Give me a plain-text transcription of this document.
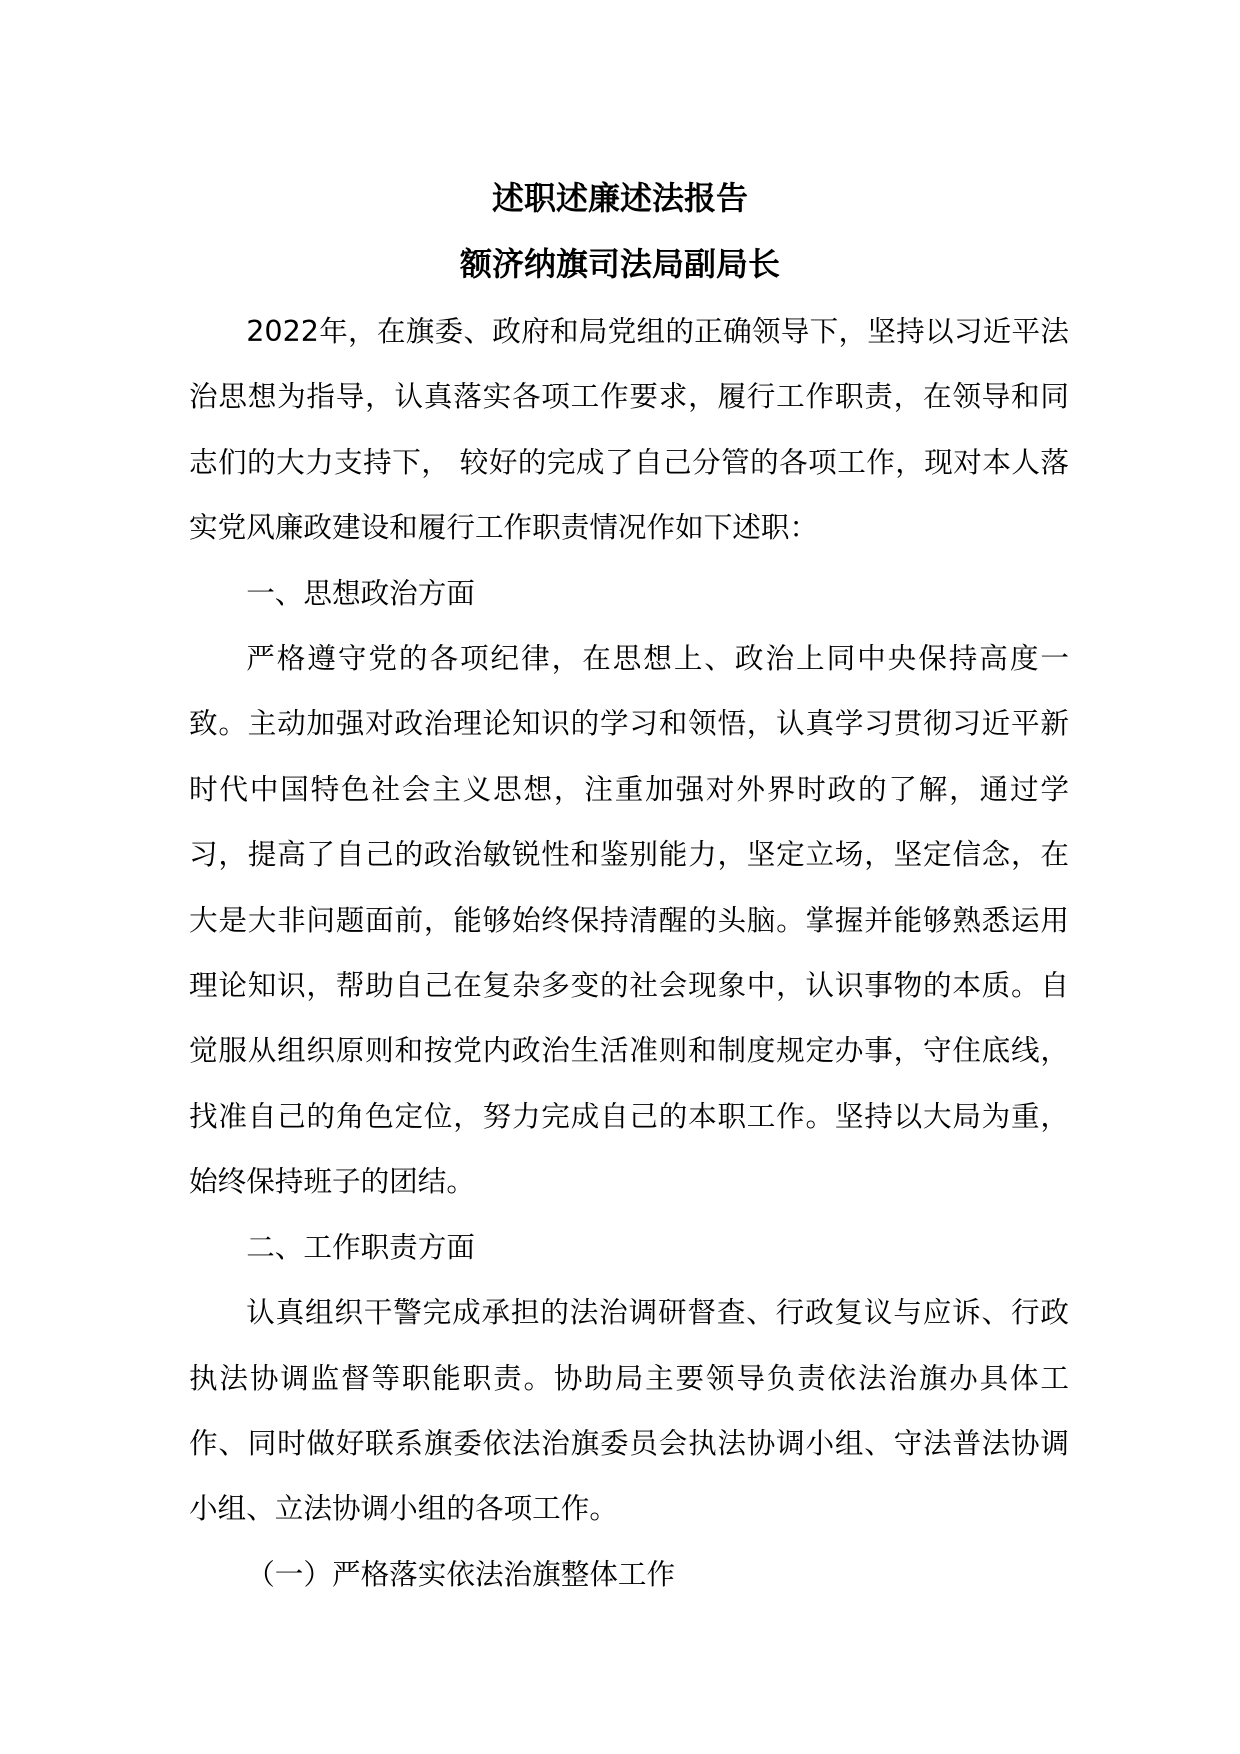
述职述廉述法报告
额济纳旗司法局副局长

2022年，在旗委、政府和局党组的正确领导下，坚持以习近平法治思想为指导，认真落实各项工作要求，履行工作职责，在领导和同志们的大力支持下， 较好的完成了自己分管的各项工作，现对本人落实党风廉政建设和履行工作职责情况作如下述职：

一、思想政治方面

严格遵守党的各项纪律，在思想上、政治上同中央保持高度一致。主动加强对政治理论知识的学习和领悟，认真学习贯彻习近平新时代中国特色社会主义思想，注重加强对外界时政的了解，通过学习，提高了自己的政治敏锐性和鉴别能力，坚定立场，坚定信念，在大是大非问题面前，能够始终保持清醒的头脑。掌握并能够熟悉运用理论知识，帮助自己在复杂多变的社会现象中，认识事物的本质。自觉服从组织原则和按党内政治生活准则和制度规定办事，守住底线，找准自己的角色定位，努力完成自己的本职工作。坚持以大局为重， 始终保持班子的团结。

二、工作职责方面

认真组织干警完成承担的法治调研督查、行政复议与应诉、行政执法协调监督等职能职责。协助局主要领导负责依法治旗办具体工作、同时做好联系旗委依法治旗委员会执法协调小组、守法普法协调小组、立法协调小组的各项工作。

（一）严格落实依法治旗整体工作
